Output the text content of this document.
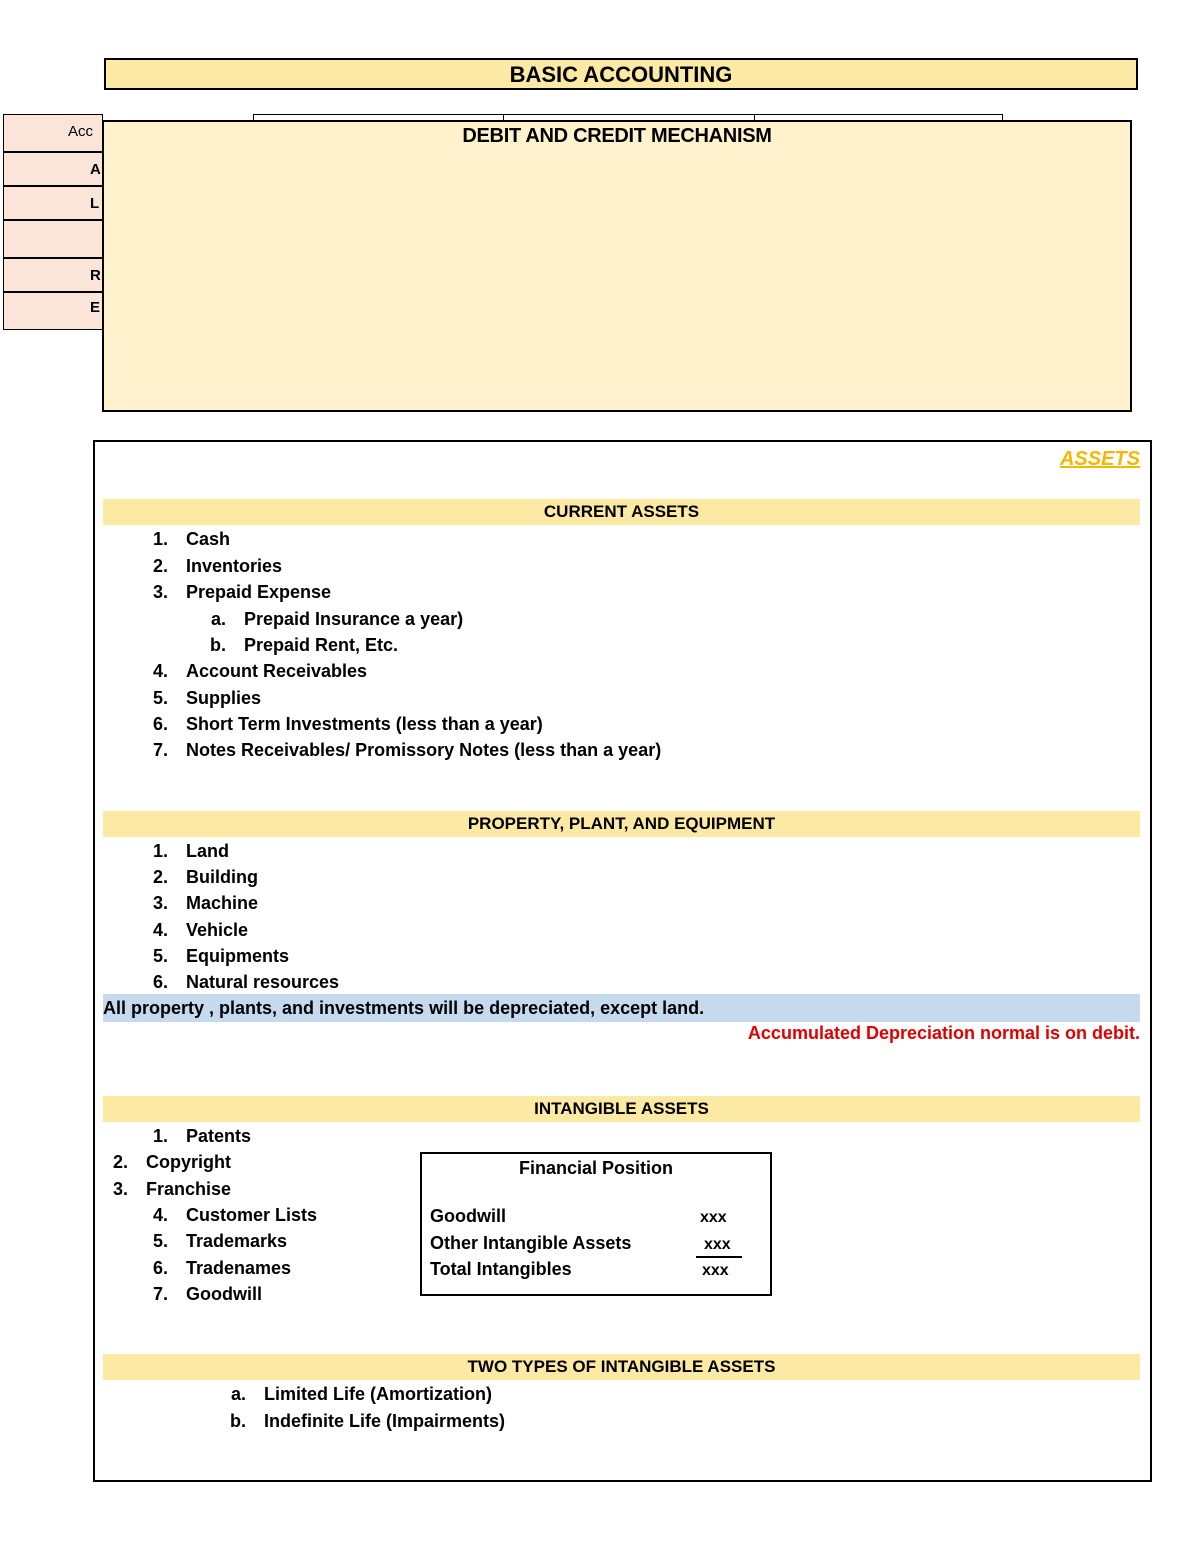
BASIC ACCOUNTING
Acc
A
L
R
E
DEBIT AND CREDIT MECHANISM
ASSETS
CURRENT ASSETS
1. Cash
2. Inventories
3. Prepaid Expense
a. Prepaid Insurance a year)
b. Prepaid Rent, Etc.
4. Account Receivables
5. Supplies
6. Short Term Investments (less than a year)
7. Notes Receivables/ Promissory Notes (less than a year)
PROPERTY, PLANT, AND EQUIPMENT
1. Land
2. Building
3. Machine
4. Vehicle
5. Equipments
6. Natural resources
All property , plants, and investments will be depreciated, except land.
Accumulated Depreciation normal is on debit.
INTANGIBLE ASSETS
1. Patents
2. Copyright
3. Franchise
4. Customer Lists
5. Trademarks
6. Tradenames
7. Goodwill
Financial Position
Goodwill	xxx
Other Intangible Assets	xxx
Total Intangibles	xxx
TWO TYPES OF INTANGIBLE ASSETS
a. Limited Life (Amortization)
b. Indefinite Life (Impairments)
